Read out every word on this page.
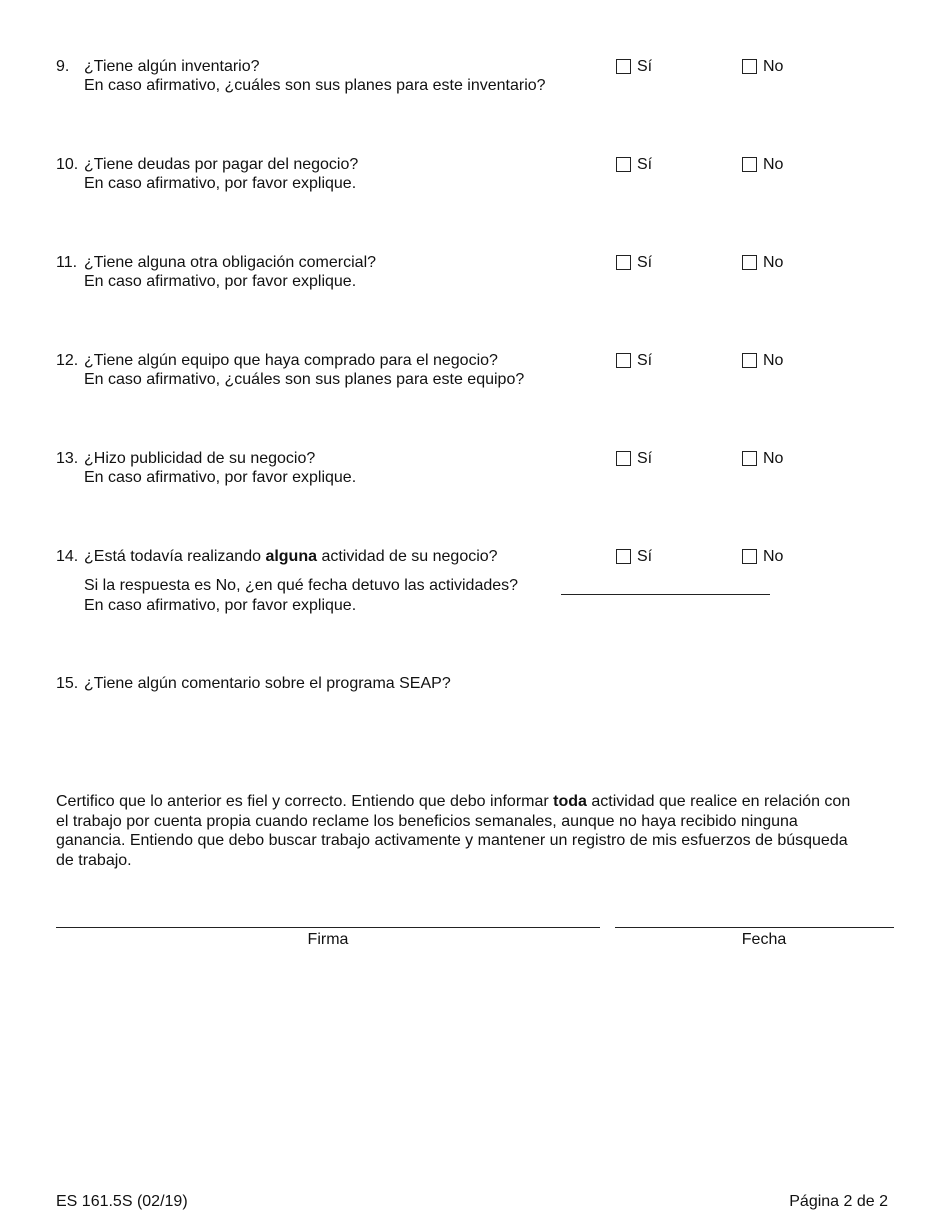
9. ¿Tiene algún inventario?
En caso afirmativo, ¿cuáles son sus planes para este inventario?
Sí	No
10. ¿Tiene deudas por pagar del negocio?
En caso afirmativo, por favor explique.
Sí	No
11. ¿Tiene alguna otra obligación comercial?
En caso afirmativo, por favor explique.
Sí	No
12. ¿Tiene algún equipo que haya comprado para el negocio?
En caso afirmativo, ¿cuáles son sus planes para este equipo?
Sí	No
13. ¿Hizo publicidad de su negocio?
En caso afirmativo, por favor explique.
Sí	No
14. ¿Está todavía realizando alguna actividad de su negocio?
Si la respuesta es No, ¿en qué fecha detuvo las actividades?
En caso afirmativo, por favor explique.
Sí	No
15. ¿Tiene algún comentario sobre el programa SEAP?
Certifico que lo anterior es fiel y correcto. Entiendo que debo informar toda actividad que realice en relación con el trabajo por cuenta propia cuando reclame los beneficios semanales, aunque no haya recibido ninguna ganancia. Entiendo que debo buscar trabajo activamente y mantener un registro de mis esfuerzos de búsqueda de trabajo.
Firma	Fecha
ES 161.5S (02/19)	Página 2 de 2
